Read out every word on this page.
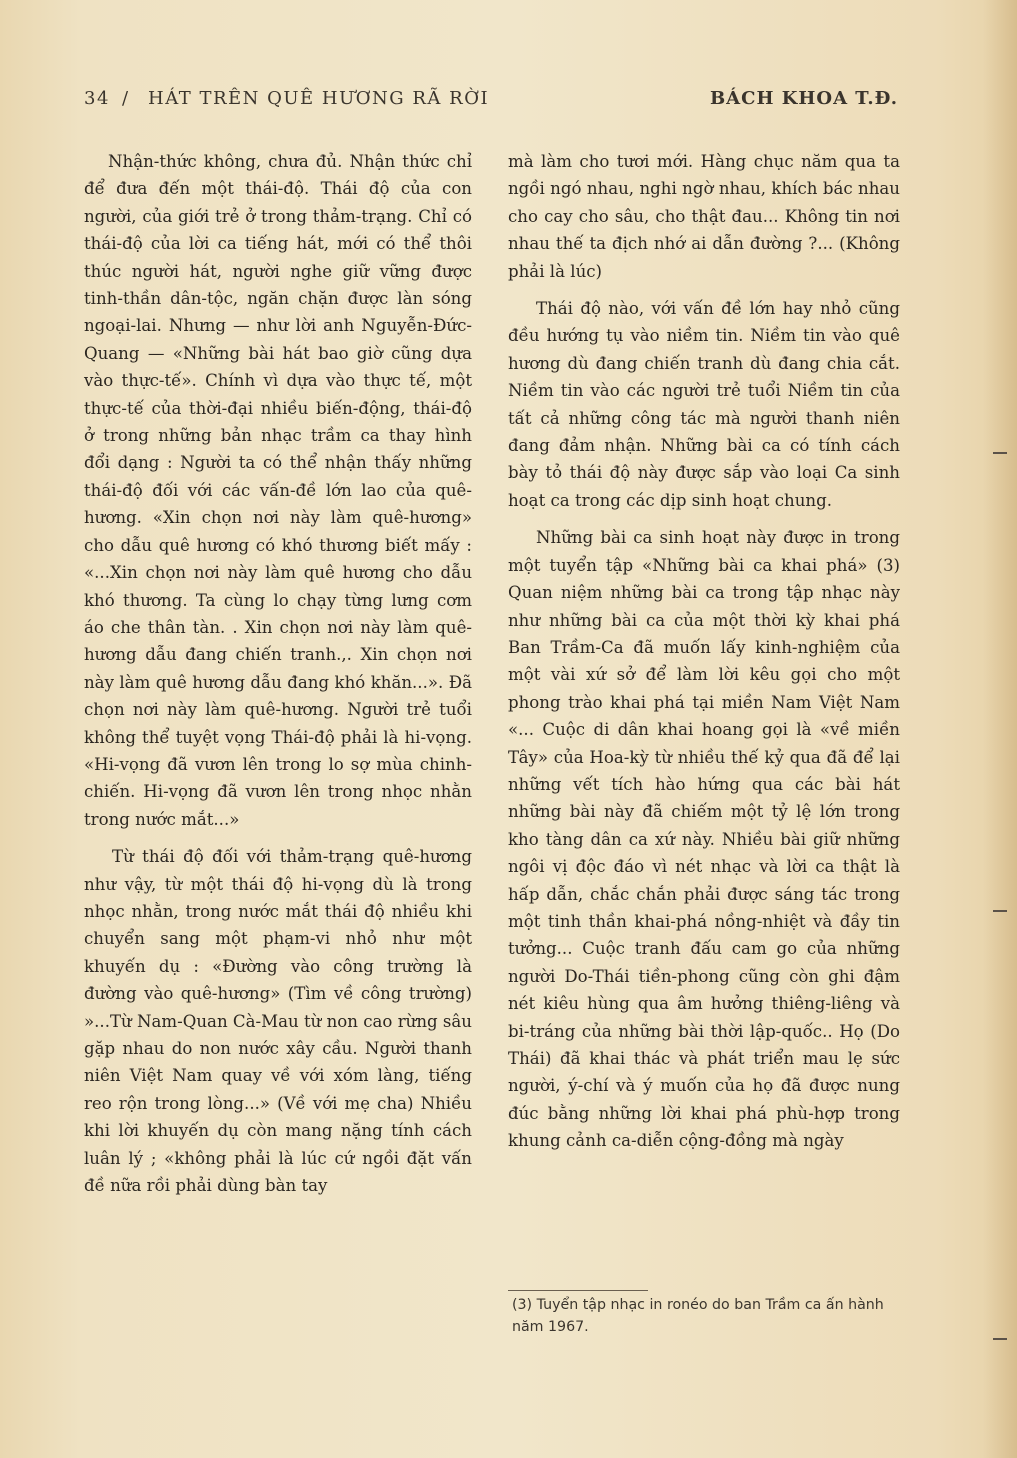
34 / HÁT TRÊN QUÊ HƯƠNG RÃ RỜI	BÁCH KHOA T.Đ.

Nhận-thức không, chưa đủ. Nhận thức chỉ để đưa đến một thái-độ. Thái độ của con người, của giới trẻ ở trong thảm-trạng. Chỉ có thái-độ của lời ca tiếng hát, mới có thể thôi thúc người hát, người nghe giữ vững được tinh-thần dân-tộc, ngăn chặn được làn sóng ngoại-lai. Nhưng — như lời anh Nguyễn-Đức-Quang — «Những bài hát bao giờ cũng dựa vào thực-tế». Chính vì dựa vào thực tế, một thực-tế của thời-đại nhiều biến-động, thái-độ ở trong những bản nhạc trầm ca thay hình đổi dạng : Người ta có thể nhận thấy những thái-độ đối với các vấn-đề lớn lao của quê-hương. «Xin chọn nơi này làm quê-hương» cho dẫu quê hương có khó thương biết mấy : «...Xin chọn nơi này làm quê hương cho dẫu khó thương. Ta cùng lo chạy từng lưng cơm áo che thân tàn. . Xin chọn nơi này làm quê-hương dẫu đang chiến tranh.,. Xin chọn nơi này làm quê hương dẫu đang khó khăn...». Đã chọn nơi này làm quê-hương. Người trẻ tuổi không thể tuyệt vọng Thái-độ phải là hi-vọng. «Hi-vọng đã vươn lên trong lo sợ mùa chinh-chiến. Hi-vọng đã vươn lên trong nhọc nhằn trong nước mắt...»

Từ thái độ đối với thảm-trạng quê-hương như vậy, từ một thái độ hi-vọng dù là trong nhọc nhằn, trong nước mắt thái độ nhiều khi chuyển sang một phạm-vi nhỏ như một khuyến dụ : «Đường vào công trường là đường vào quê-hương» (Tìm về công trường) »...Từ Nam-Quan Cà-Mau từ non cao rừng sâu gặp nhau do non nước xây cầu. Người thanh niên Việt Nam quay về với xóm làng, tiếng reo rộn trong lòng...» (Về với mẹ cha) Nhiều khi lời khuyến dụ còn mang nặng tính cách luân lý ; «không phải là lúc cứ ngồi đặt vấn đề nữa rồi phải dùng bàn tay

mà làm cho tươi mới. Hàng chục năm qua ta ngồi ngó nhau, nghi ngờ nhau, khích bác nhau cho cay cho sâu, cho thật đau... Không tin nơi nhau thế ta địch nhớ ai dẫn đường ?... (Không phải là lúc)

Thái độ nào, với vấn đề lớn hay nhỏ cũng đều hướng tụ vào niềm tin. Niềm tin vào quê hương dù đang chiến tranh dù đang chia cắt. Niềm tin vào các người trẻ tuổi Niềm tin của tất cả những công tác mà người thanh niên đang đảm nhận. Những bài ca có tính cách bày tỏ thái độ này được sắp vào loại Ca sinh hoạt ca trong các dịp sinh hoạt chung.

Những bài ca sinh hoạt này được in trong một tuyển tập «Những bài ca khai phá» (3) Quan niệm những bài ca trong tập nhạc này như những bài ca của một thời kỳ khai phá Ban Trầm-Ca đã muốn lấy kinh-nghiệm của một vài xứ sở để làm lời kêu gọi cho một phong trào khai phá tại miền Nam Việt Nam «... Cuộc di dân khai hoang gọi là «về miền Tây» của Hoa-kỳ từ nhiều thế kỷ qua đã để lại những vết tích hào hứng qua các bài hát những bài này đã chiếm một tỷ lệ lớn trong kho tàng dân ca xứ này. Nhiều bài giữ những ngôi vị độc đáo vì nét nhạc và lời ca thật là hấp dẫn, chắc chắn phải được sáng tác trong một tinh thần khai-phá nồng-nhiệt và đầy tin tưởng... Cuộc tranh đấu cam go của những người Do-Thái tiền-phong cũng còn ghi đậm nét kiêu hùng qua âm hưởng thiêng-liêng và bi-tráng của những bài thời lập-quốc.. Họ (Do Thái) đã khai thác và phát triển mau lẹ sức người, ý-chí và ý muốn của họ đã được nung đúc bằng những lời khai phá phù-hợp trong khung cảnh ca-diễn cộng-đồng mà ngày

(3) Tuyển tập nhạc in ronéo do ban Trầm ca ấn hành năm 1967.
